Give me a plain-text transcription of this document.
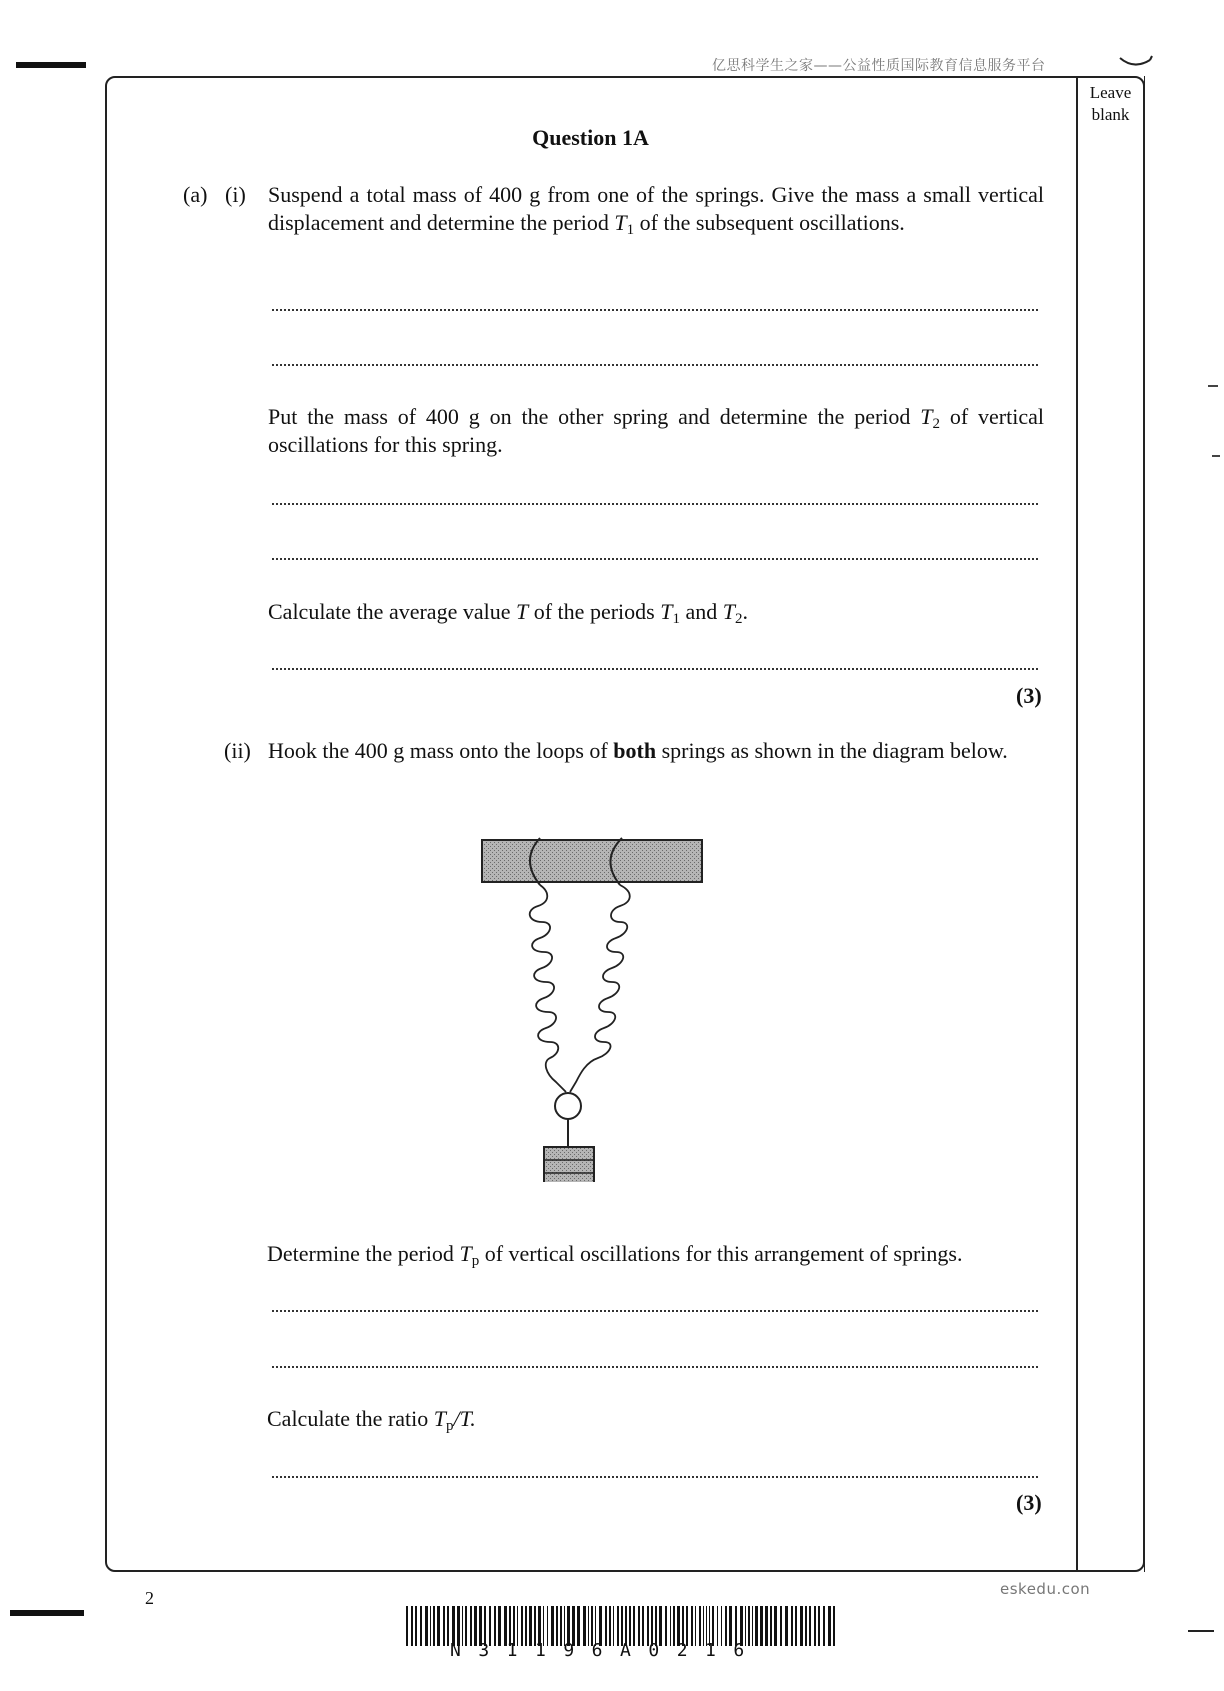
亿思科学生之家——公益性质国际教育信息服务平台
Leave
blank
Question 1A
(a) (i) Suspend a total mass of 400 g from one of the springs. Give the mass a small vertical displacement and determine the period $T_1$ of the subsequent oscillations.
Put the mass of 400 g on the other spring and determine the period $T_2$ of vertical oscillations for this spring.
Calculate the average value T of the periods $T_1$ and $T_2$.
(3)
(ii) Hook the 400 g mass onto the loops of both springs as shown in the diagram below.
Determine the period $T_p$ of vertical oscillations for this arrangement of springs.
Calculate the ratio $T_p/T$.
(3)
eskedu.con
2
N31196A0216
